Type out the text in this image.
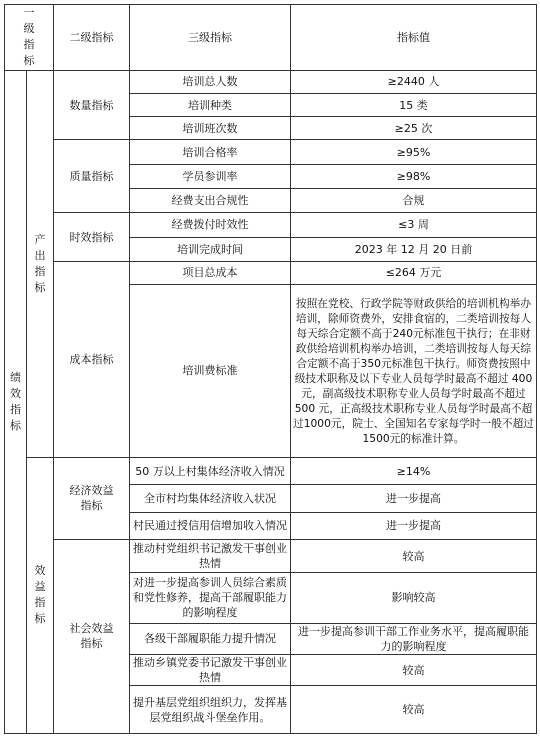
一级指标		二级指标	三级指标	指标值

绩效指标	产出指标	数量指标	培训总人数	≥2440 人
			培训种类	15 类
			培训班次数	≥25 次
		质量指标	培训合格率	≥95%
			学员参训率	≥98%
			经费支出合规性	合规
		时效指标	经费拨付时效性	≤3 周
			培训完成时间	2023 年 12 月 20 日前
		成本指标	项目总成本	≤264 万元
			培训费标准	按照在党校、行政学院等财政供给的培训机构举办培训，除师资费外，安排食宿的，二类培训按每人每天综合定额不高于240元标准包干执行；在非财政供给培训机构举办培训，二类培训按每人每天综合定额不高于350元标准包干执行。师资费按照中级技术职称及以下专业人员每学时最高不超过 400 元，副高级技术职称专业人员每学时最高不超过 500 元，正高级技术职称专业人员每学时最高不超过1000元，院士、全国知名专家每学时一般不超过 1500元的标准计算。

	效益指标	经济效益指标	50 万以上村集体经济收入情况	≥14%
			全市村均集体经济收入状况	进一步提高
			村民通过授信用信增加收入情况	进一步提高

		社会效益指标	推动村党组织书记激发干事创业热情	较高
			对进一步提高参训人员综合素质和党性修养，提高干部履职能力的影响程度	影响较高
			各级干部履职能力提升情况	进一步提高参训干部工作业务水平，提高履职能力的影响程度
			推动乡镇党委书记激发干事创业热情	较高
			提升基层党组织组织力，发挥基层党组织战斗堡垒作用。	较高
